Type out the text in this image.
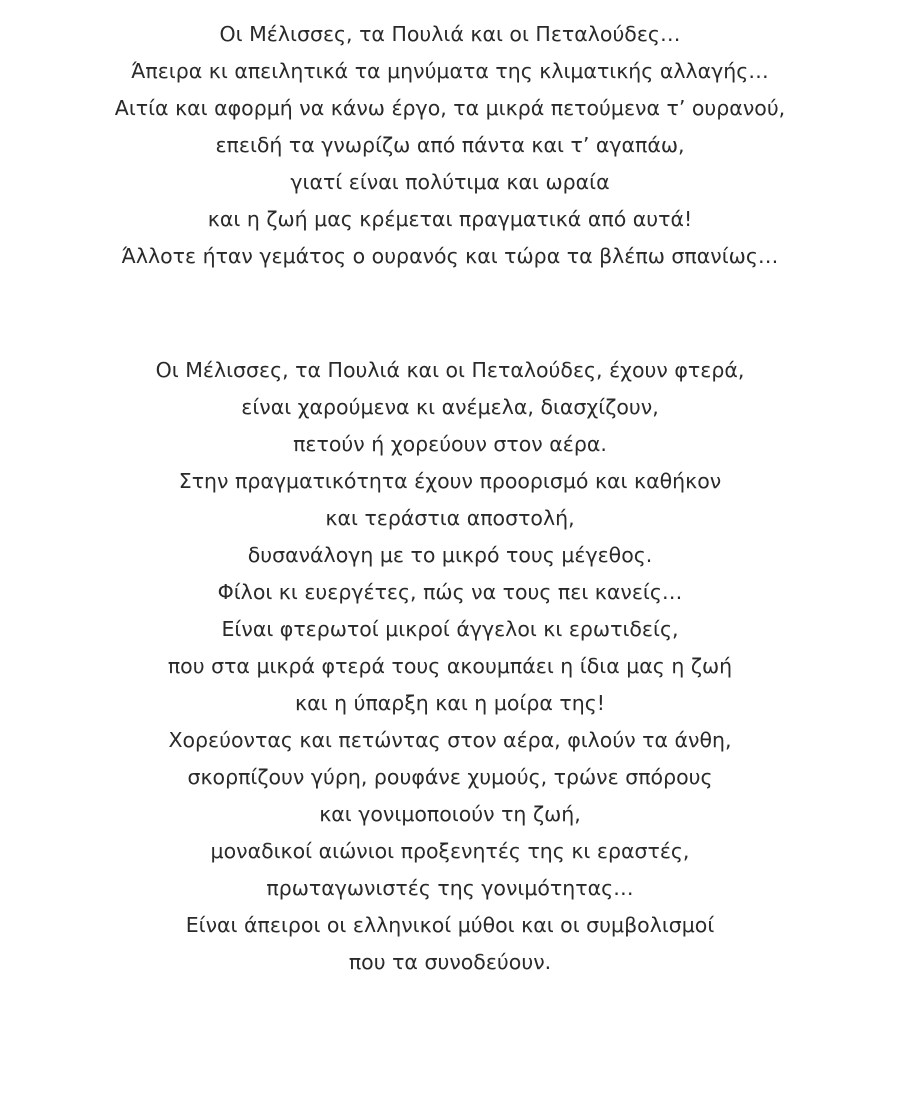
Οι Μέλισσες, τα Πουλιά και οι Πεταλούδες…
Άπειρα κι απειλητικά τα μηνύματα της κλιματικής αλλαγής…
Αιτία και αφορμή να κάνω έργο, τα μικρά πετούμενα τ’ ουρανού,
επειδή τα γνωρίζω από πάντα και τ’ αγαπάω,
γιατί είναι πολύτιμα και ωραία
και η ζωή μας κρέμεται πραγματικά από αυτά!
Άλλοτε ήταν γεμάτος ο ουρανός και τώρα τα βλέπω σπανίως…
Οι Μέλισσες, τα Πουλιά και οι Πεταλούδες, έχουν φτερά,
είναι χαρούμενα κι ανέμελα, διασχίζουν,
πετούν ή χορεύουν στον αέρα.
Στην πραγματικότητα έχουν προορισμό και καθήκον
και τεράστια αποστολή,
δυσανάλογη με το μικρό τους μέγεθος.
Φίλοι κι ευεργέτες, πώς να τους πει κανείς…
Είναι φτερωτοί μικροί άγγελοι κι ερωτιδείς,
που στα μικρά φτερά τους ακουμπάει η ίδια μας η ζωή
και η ύπαρξη και η μοίρα της!
Χορεύοντας και πετώντας στον αέρα, φιλούν τα άνθη,
σκορπίζουν γύρη, ρουφάνε χυμούς, τρώνε σπόρους
και γονιμοποιούν τη ζωή,
μοναδικοί αιώνιοι προξενητές της κι εραστές,
πρωταγωνιστές της γονιμότητας…
Είναι άπειροι οι ελληνικοί μύθοι και οι συμβολισμοί
που τα συνοδεύουν.
